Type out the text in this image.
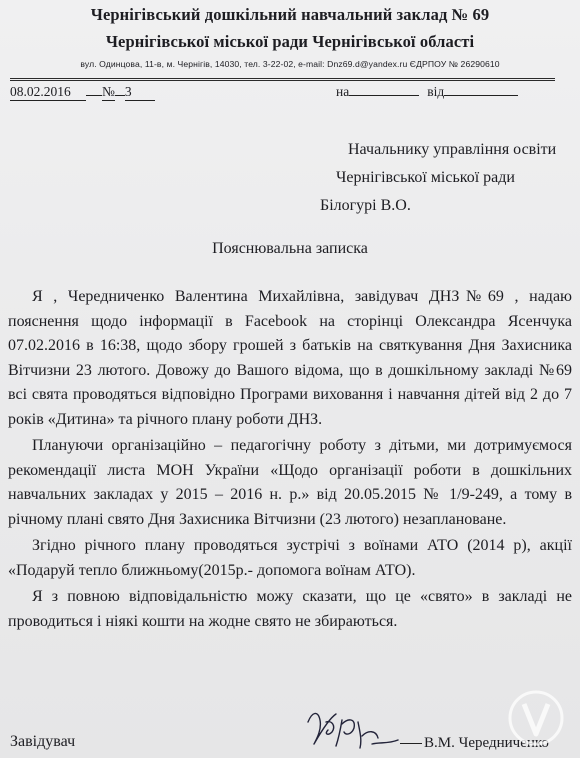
Чернігівський дошкільний навчальний заклад № 69
Чернігівської міської ради Чернігівської області
вул. Одинцова, 11-в, м. Чернігів, 14030, тел. 3-22-02, e-mail: Dnz69.d@yandex.ru ЄДРПОУ № 26290610
08.02.2016 № 3	на	від
Начальнику управління освіти
Чернігівської міської ради
Білогурі В.О.
Пояснювальна записка

Я , Чередниченко Валентина Михайлівна, завідувач ДНЗ№69 , надаю пояснення щодо інформації в Facebook на сторінці Олександра Ясенчука 07.02.2016 в 16:38, щодо збору грошей з батьків на святкування Дня Захисника Вітчизни 23 лютого. Довожу до Вашого відома, що в дошкільному закладі №69 всі свята проводяться відповідно Програми виховання і навчання дітей від 2 до 7 років «Дитина» та річного плану роботи ДНЗ.

Плануючи організаційно – педагогічну роботу з дітьми, ми дотримуємося рекомендації листа МОН України «Щодо організації роботи в дошкільних навчальних закладах у 2015 – 2016 н. р.» від 20.05.2015 № 1/9-249, а тому в річному плані свято Дня Захисника Вітчизни (23 лютого) незаплановане.

Згідно річного плану проводяться зустрічі з воїнами АТО (2014 р), акції «Подаруй тепло ближньому(2015р.- допомога воїнам АТО).

Я з повною відповідальністю можу сказати, що це «свято» в закладі не проводиться і ніякі кошти на жодне свято не збираються.

Завідувач	В.М. Чередниченко
